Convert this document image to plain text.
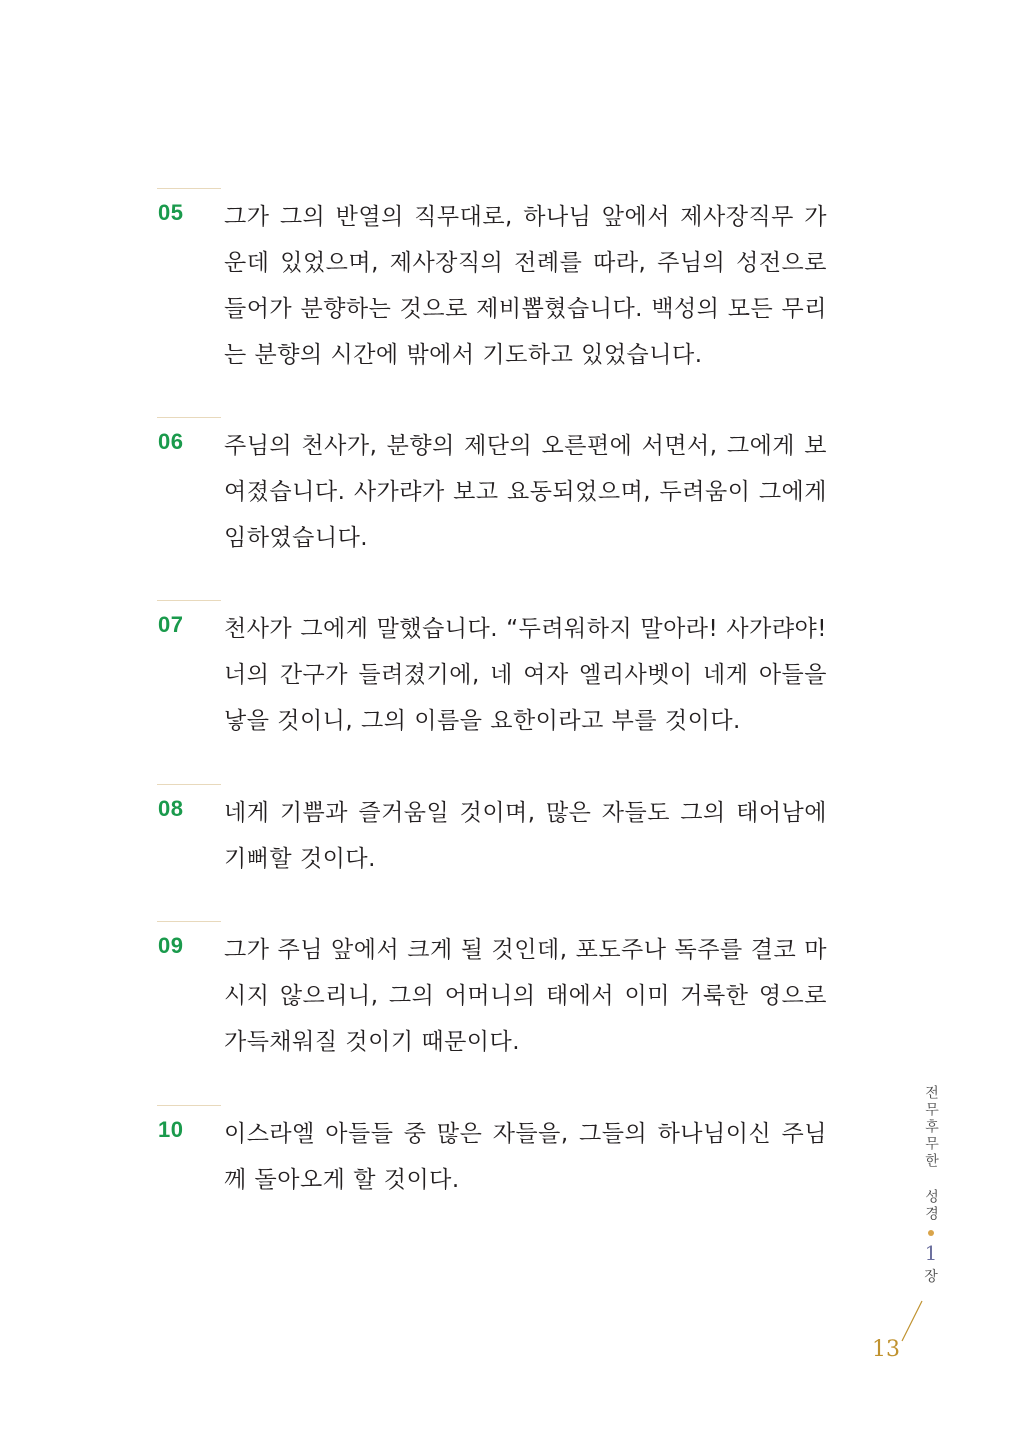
05 그가 그의 반열의 직무대로, 하나님 앞에서 제사장직무 가운데 있었으며, 제사장직의 전례를 따라, 주님의 성전으로 들어가 분향하는 것으로 제비뽑혔습니다. 백성의 모든 무리는 분향의 시간에 밖에서 기도하고 있었습니다.
06 주님의 천사가, 분향의 제단의 오른편에 서면서, 그에게 보여졌습니다. 사가랴가 보고 요동되었으며, 두려움이 그에게 임하였습니다.
07 천사가 그에게 말했습니다. “두려워하지 말아라! 사가랴야! 너의 간구가 들려졌기에, 네 여자 엘리사벳이 네게 아들을 낳을 것이니, 그의 이름을 요한이라고 부를 것이다.
08 네게 기쁨과 즐거움일 것이며, 많은 자들도 그의 태어남에 기뻐할 것이다.
09 그가 주님 앞에서 크게 될 것인데, 포도주나 독주를 결코 마시지 않으리니, 그의 어머니의 태에서 이미 거룩한 영으로 가득채워질 것이기 때문이다.
10 이스라엘 아들들 중 많은 자들을, 그들의 하나님이신 주님께 돌아오게 할 것이다.	전무후무한 성경
1
장
13
